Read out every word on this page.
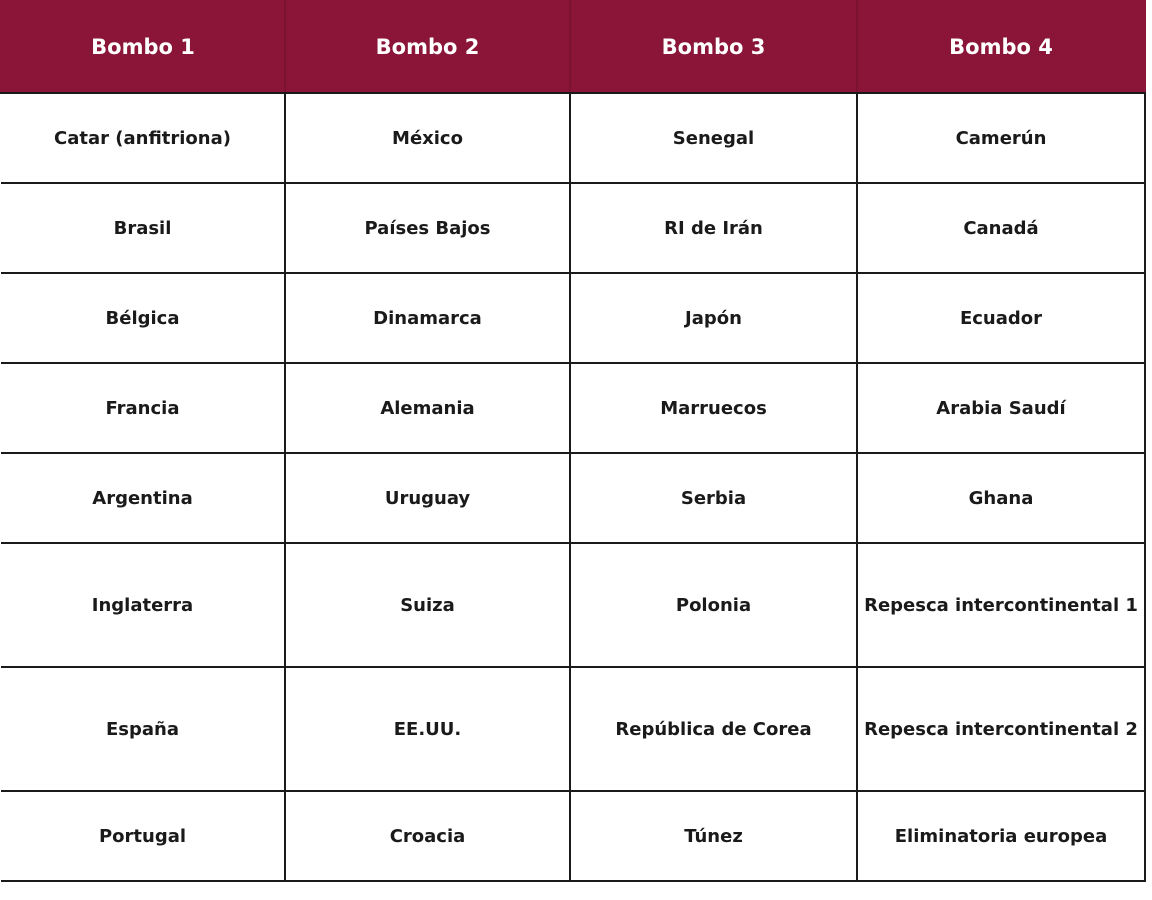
Bombo 1	Bombo 2	Bombo 3	Bombo 4
Catar (anfitriona)	México	Senegal	Camerún
Brasil	Países Bajos	RI de Irán	Canadá
Bélgica	Dinamarca	Japón	Ecuador
Francia	Alemania	Marruecos	Arabia Saudí
Argentina	Uruguay	Serbia	Ghana
Inglaterra	Suiza	Polonia	Repesca intercontinental 1
España	EE.UU.	República de Corea	Repesca intercontinental 2
Portugal	Croacia	Túnez	Eliminatoria europea
